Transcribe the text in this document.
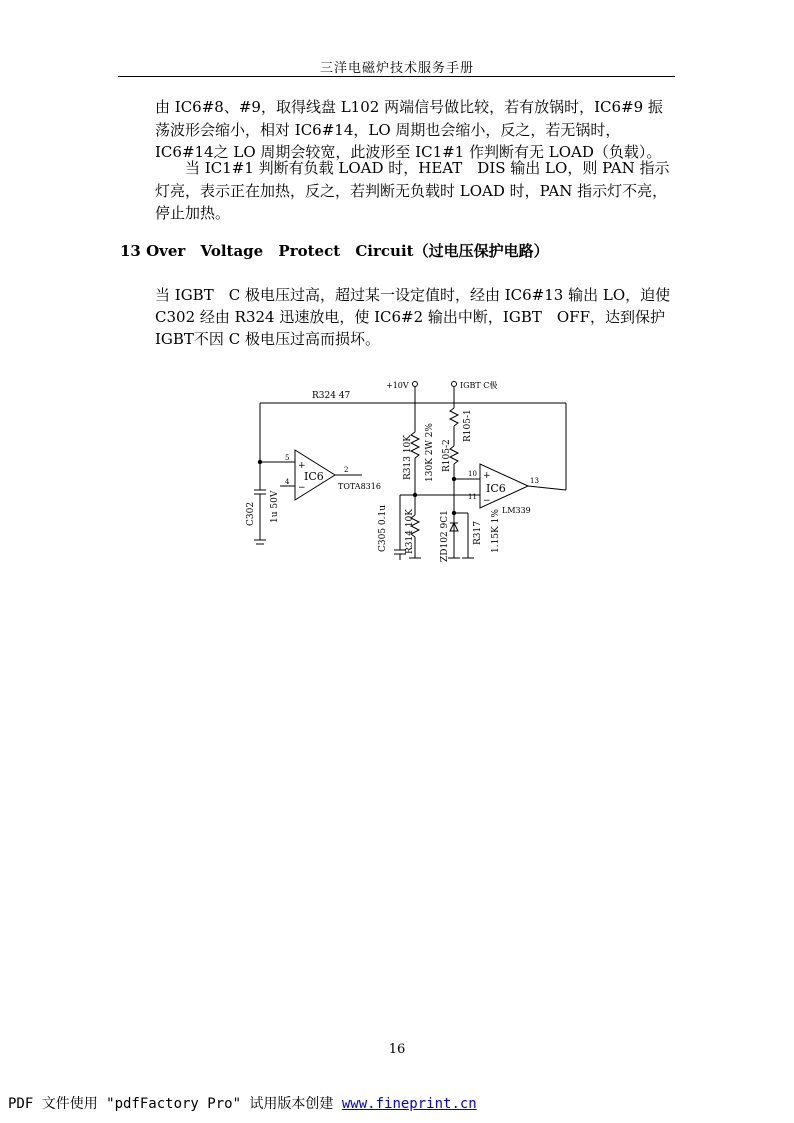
三洋电磁炉技术服务手册

由 IC6#8、#9，取得线盘 L102 两端信号做比较，若有放锅时，IC6#9 振荡波形会缩小，相对 IC6#14，LO 周期也会缩小，反之，若无锅时，IC6#14之 LO 周期会较宽，此波形至 IC1#1 作判断有无 LOAD（负载）。

当 IC1#1 判断有负载 LOAD 时，HEAT　DIS 输出 LO，则 PAN 指示灯亮，表示正在加热，反之，若判断无负载时 LOAD 时，PAN 指示灯不亮，停止加热。

13 Over Voltage Protect Circuit（过电压保护电路）

当 IGBT　C 极电压过高，超过某一设定值时，经由 IC6#13 输出 LO，迫使C302 经由 R324 迅速放电，使 IC6#2 输出中断，IGBT　OFF，达到保护 IGBT不因 C 极电压过高而损坏。

R324 47
+10V	IGBT C极
R105-1
R105-2
R313 10K 130K 2W 2%
IC6
IC6
TOTA8316
LM339
5
4
2	10
11
13
+
−
+
−
C302 1u 50V	C305 0.1u R314 10K	ZD102 9C1	R317 1.15K 1%
16
PDF 文件使用 "pdfFactory Pro" 试用版本创建 www.fineprint.cn
